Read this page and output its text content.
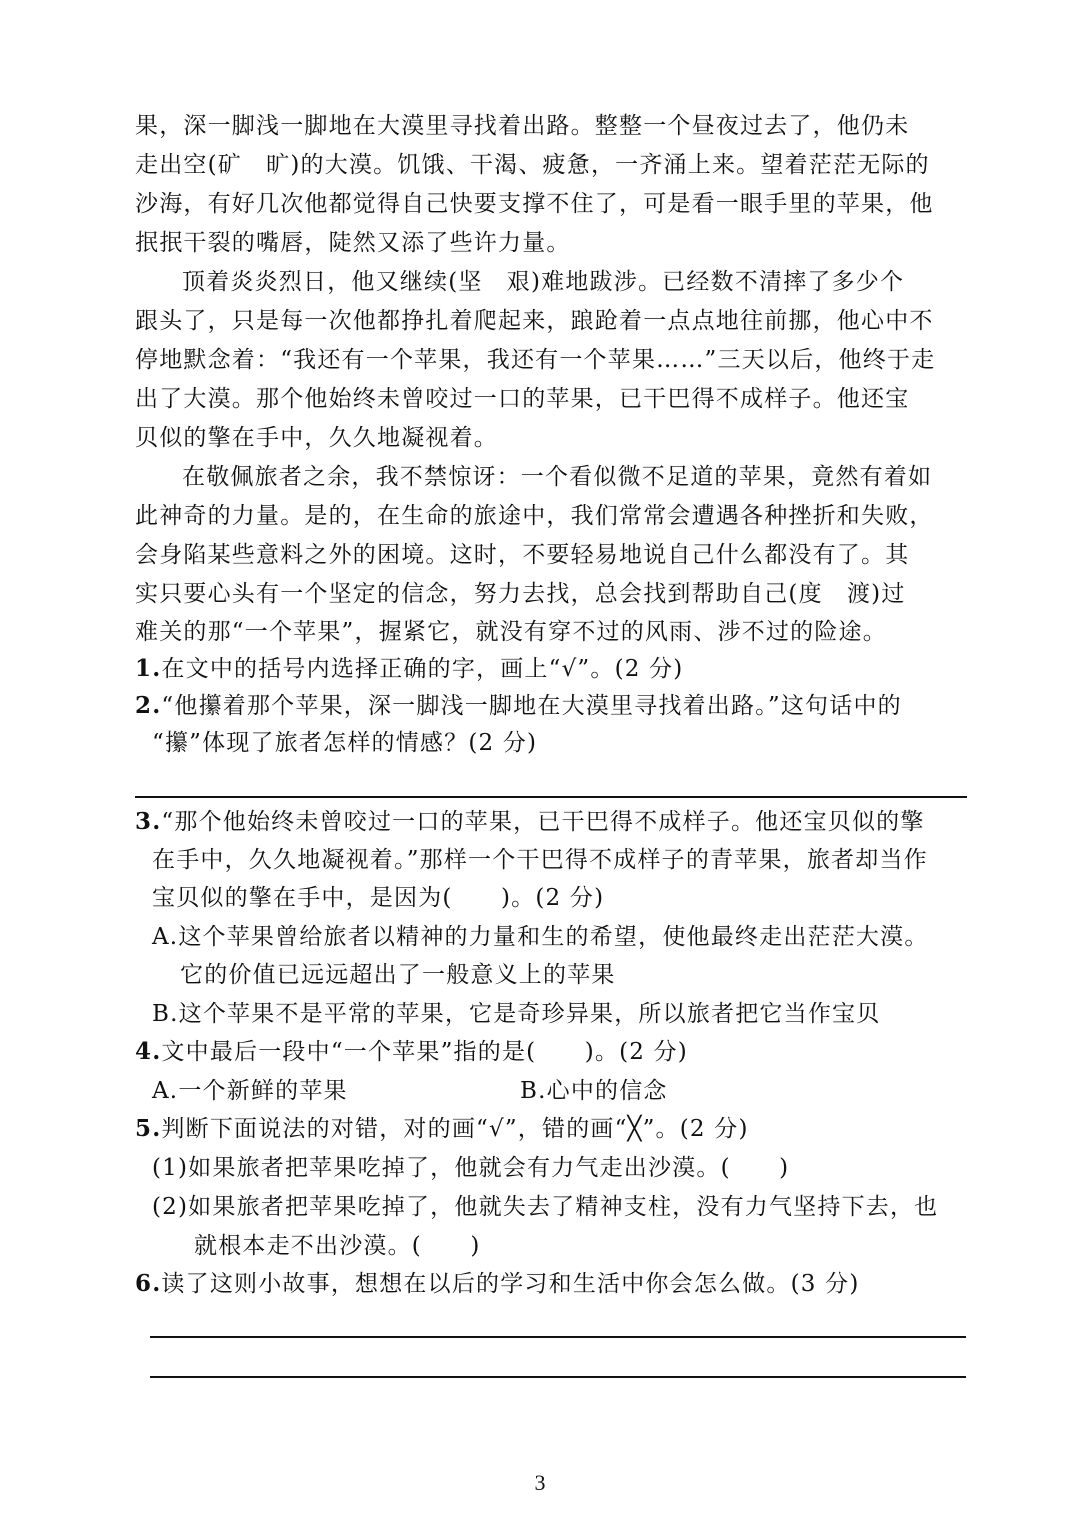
果，深一脚浅一脚地在大漠里寻找着出路。整整一个昼夜过去了，他仍未
走出空(矿　旷)的大漠。饥饿、干渴、疲惫，一齐涌上来。望着茫茫无际的
沙海，有好几次他都觉得自己快要支撑不住了，可是看一眼手里的苹果，他
抿抿干裂的嘴唇，陡然又添了些许力量。
顶着炎炎烈日，他又继续(坚　艰)难地跋涉。已经数不清摔了多少个
跟头了，只是每一次他都挣扎着爬起来，踉跄着一点点地往前挪，他心中不
停地默念着：“我还有一个苹果，我还有一个苹果……”三天以后，他终于走
出了大漠。那个他始终未曾咬过一口的苹果，已干巴得不成样子。他还宝
贝似的擎在手中，久久地凝视着。
在敬佩旅者之余，我不禁惊讶：一个看似微不足道的苹果，竟然有着如
此神奇的力量。是的，在生命的旅途中，我们常常会遭遇各种挫折和失败，
会身陷某些意料之外的困境。这时，不要轻易地说自己什么都没有了。其
实只要心头有一个坚定的信念，努力去找，总会找到帮助自己(度　渡)过
难关的那“一个苹果”，握紧它，就没有穿不过的风雨、涉不过的险途。
1.在文中的括号内选择正确的字，画上“√”。(2 分)
2.“他攥着那个苹果，深一脚浅一脚地在大漠里寻找着出路。”这句话中的
“攥”体现了旅者怎样的情感？(2 分)
3.“那个他始终未曾咬过一口的苹果，已干巴得不成样子。他还宝贝似的擎
在手中，久久地凝视着。”那样一个干巴得不成样子的青苹果，旅者却当作
宝贝似的擎在手中，是因为(　　)。(2 分)
A.这个苹果曾给旅者以精神的力量和生的希望，使他最终走出茫茫大漠。
它的价值已远远超出了一般意义上的苹果
B.这个苹果不是平常的苹果，它是奇珍异果，所以旅者把它当作宝贝
4.文中最后一段中“一个苹果”指的是(　　)。(2 分)
A.一个新鲜的苹果	B.心中的信念
5.判断下面说法的对错，对的画“√”，错的画“╳”。(2 分)
(1)如果旅者把苹果吃掉了，他就会有力气走出沙漠。(　　)
(2)如果旅者把苹果吃掉了，他就失去了精神支柱，没有力气坚持下去，也
就根本走不出沙漠。(　　)
6.读了这则小故事，想想在以后的学习和生活中你会怎么做。(3 分)
3
